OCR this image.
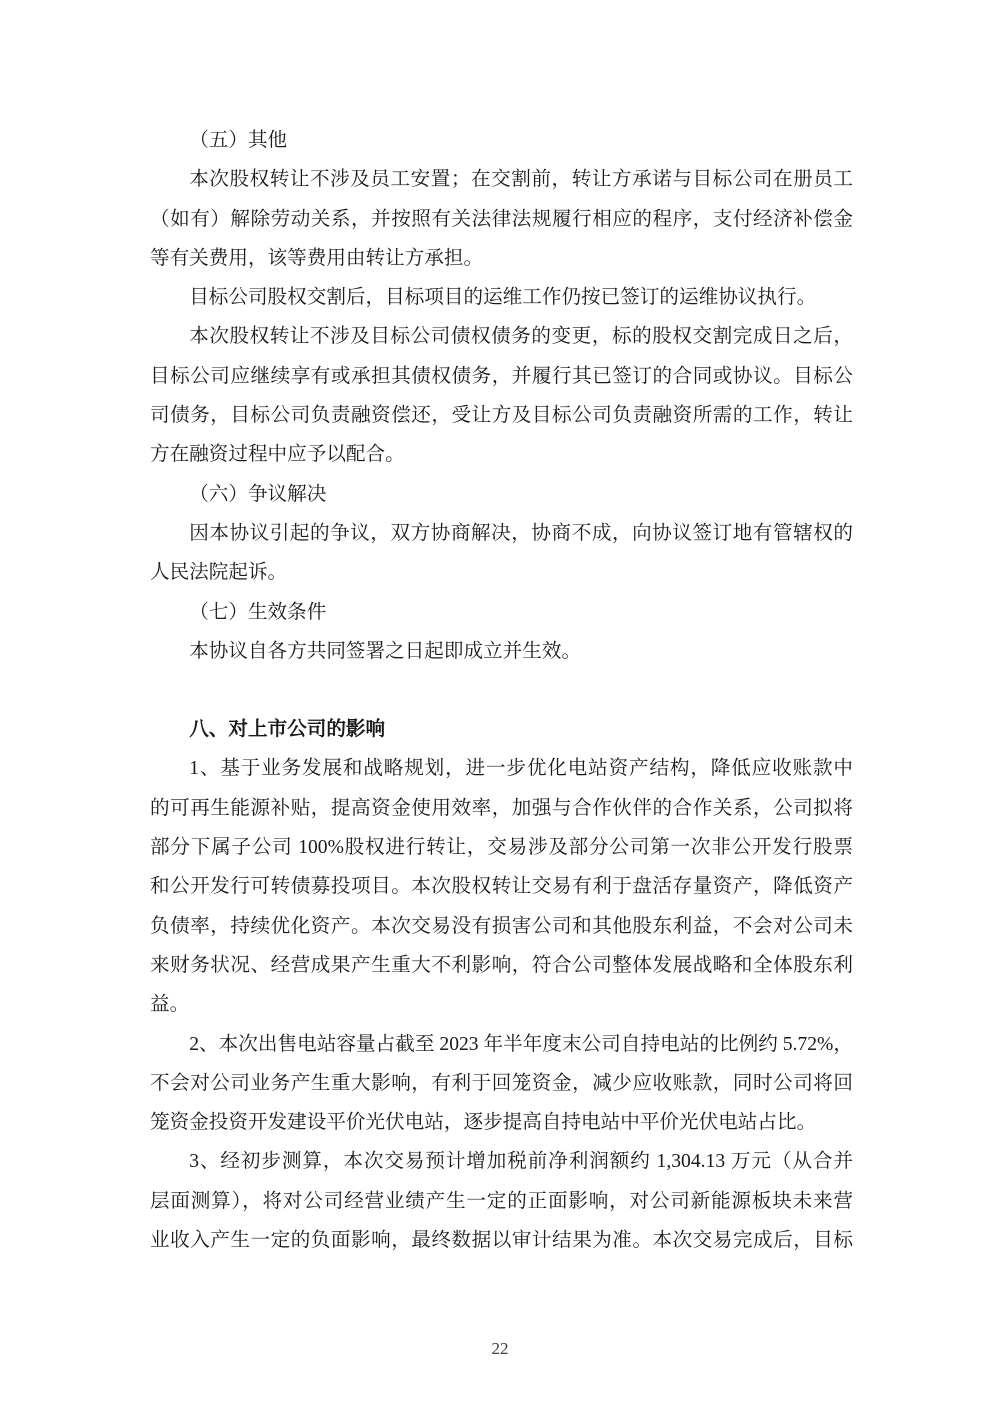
（五）其他
本次股权转让不涉及员工安置；在交割前，转让方承诺与目标公司在册员工
（如有）解除劳动关系，并按照有关法律法规履行相应的程序，支付经济补偿金
等有关费用，该等费用由转让方承担。
目标公司股权交割后，目标项目的运维工作仍按已签订的运维协议执行。
本次股权转让不涉及目标公司债权债务的变更，标的股权交割完成日之后，
目标公司应继续享有或承担其债权债务，并履行其已签订的合同或协议。目标公
司债务，目标公司负责融资偿还，受让方及目标公司负责融资所需的工作，转让
方在融资过程中应予以配合。
（六）争议解决
因本协议引起的争议，双方协商解决，协商不成，向协议签订地有管辖权的
人民法院起诉。
（七）生效条件
本协议自各方共同签署之日起即成立并生效。
八、对上市公司的影响
1、基于业务发展和战略规划，进一步优化电站资产结构，降低应收账款中
的可再生能源补贴，提高资金使用效率，加强与合作伙伴的合作关系，公司拟将
部分下属子公司 100%股权进行转让，交易涉及部分公司第一次非公开发行股票
和公开发行可转债募投项目。本次股权转让交易有利于盘活存量资产，降低资产
负债率，持续优化资产。本次交易没有损害公司和其他股东利益，不会对公司未
来财务状况、经营成果产生重大不利影响，符合公司整体发展战略和全体股东利
益。
2、本次出售电站容量占截至 2023 年半年度末公司自持电站的比例约 5.72%，
不会对公司业务产生重大影响，有利于回笼资金，减少应收账款，同时公司将回
笼资金投资开发建设平价光伏电站，逐步提高自持电站中平价光伏电站占比。
3、经初步测算，本次交易预计增加税前净利润额约 1,304.13 万元（从合并
层面测算），将对公司经营业绩产生一定的正面影响，对公司新能源板块未来营
业收入产生一定的负面影响，最终数据以审计结果为准。本次交易完成后，目标
22
